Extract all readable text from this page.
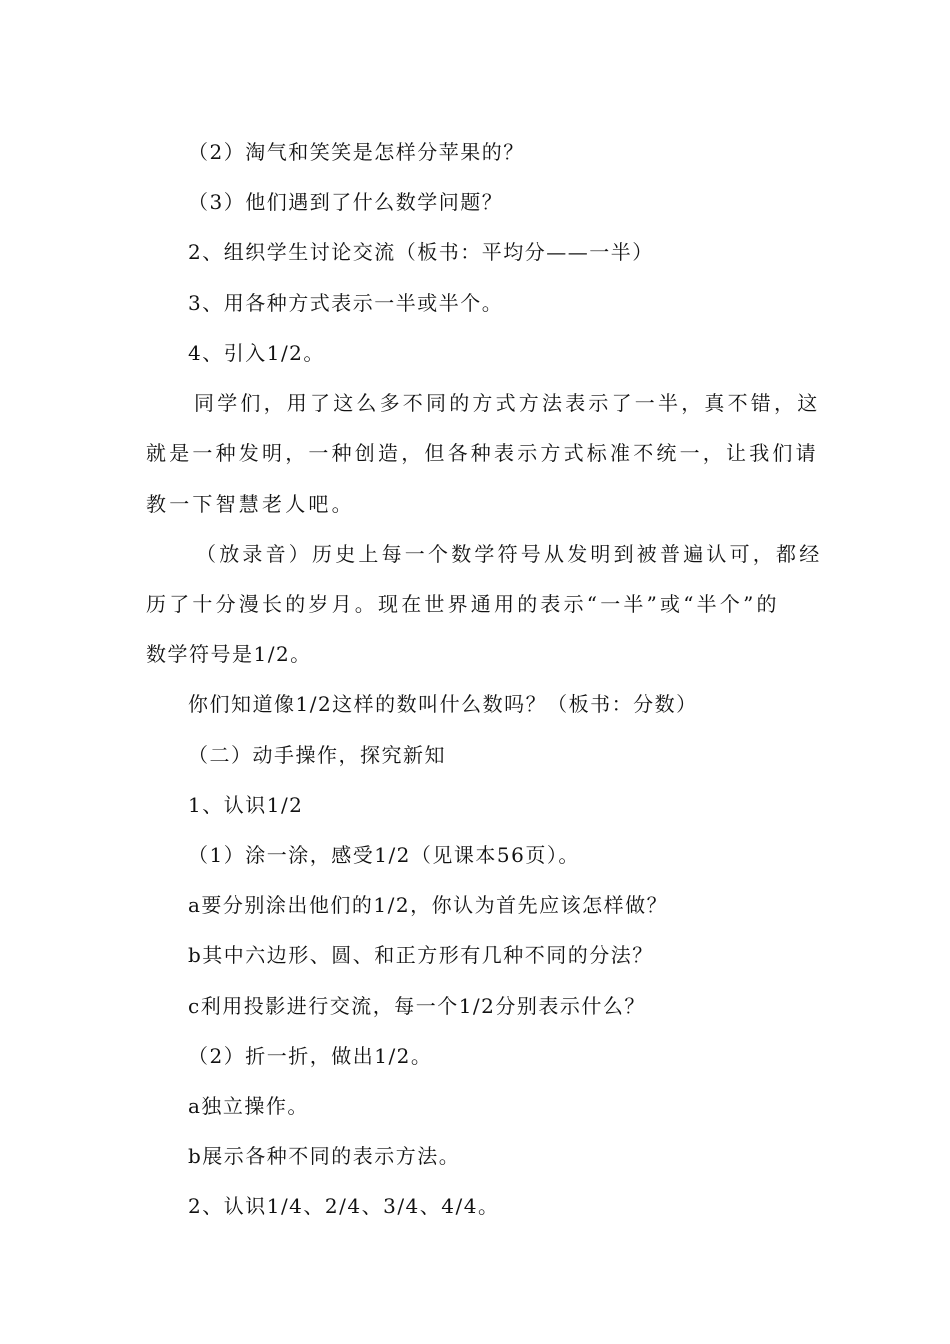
（2）淘气和笑笑是怎样分苹果的？
（3）他们遇到了什么数学问题？
2、组织学生讨论交流（板书：平均分——一半）
3、用各种方式表示一半或半个。
4、引入1/2。
同学们，用了这么多不同的方式方法表示了一半，真不错，这
就是一种发明，一种创造，但各种表示方式标准不统一，让我们请
教一下智慧老人吧。
（放录音）历史上每一个数学符号从发明到被普遍认可，都经
历了十分漫长的岁月。现在世界通用的表示“一半”或“半个”的
数学符号是1/2。
你们知道像1/2这样的数叫什么数吗？（板书：分数）
（二）动手操作，探究新知
1、认识1/2
（1）涂一涂，感受1/2（见课本56页）。
a要分别涂出他们的1/2，你认为首先应该怎样做？
b其中六边形、圆、和正方形有几种不同的分法？
c利用投影进行交流，每一个1/2分别表示什么？
（2）折一折，做出1/2。
a独立操作。
b展示各种不同的表示方法。
2、认识1/4、2/4、3/4、4/4。
